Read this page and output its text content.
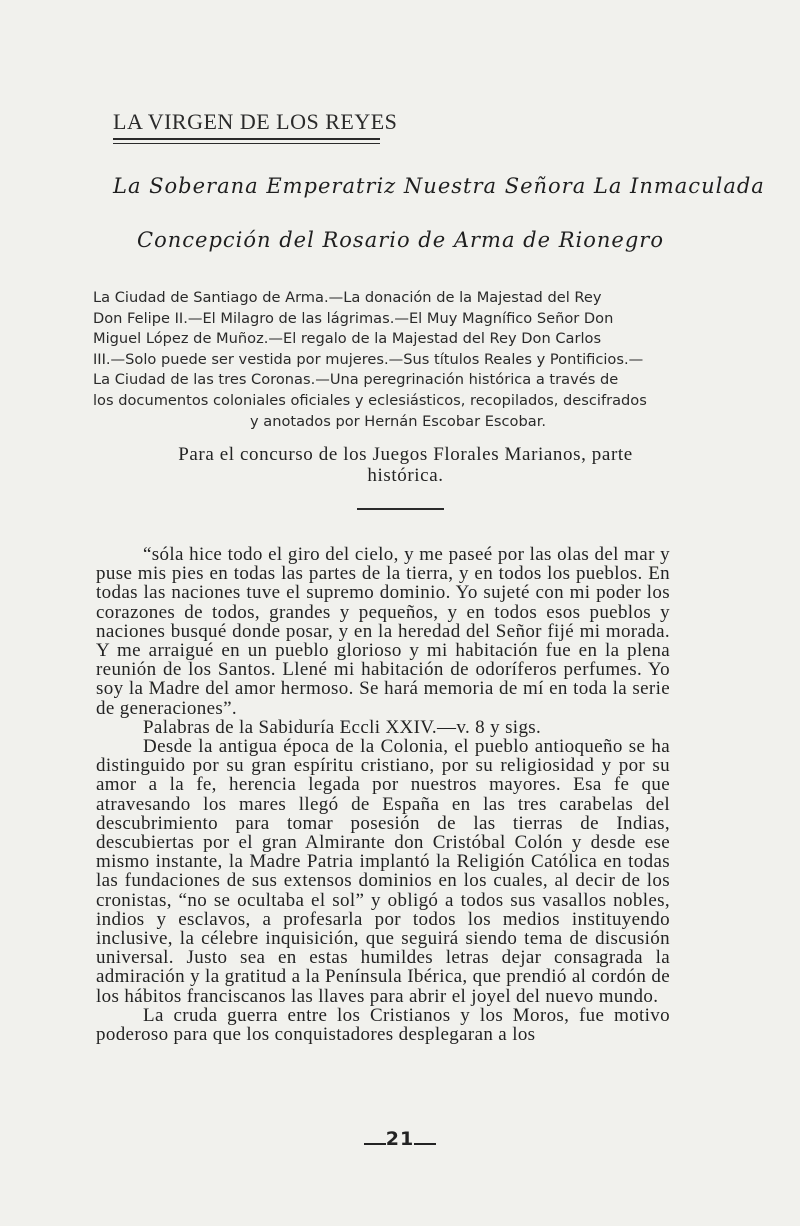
LA VIRGEN DE LOS REYES
La Soberana Emperatriz Nuestra Señora La Inmaculada
Concepción del Rosario de Arma de Rionegro
La Ciudad de Santiago de Arma.—La donación de la Majestad del Rey
Don Felipe II.—El Milagro de las lágrimas.—El Muy Magnífico Señor Don
Miguel López de Muñoz.—El regalo de la Majestad del Rey Don Carlos
III.—Solo puede ser vestida por mujeres.—Sus títulos Reales y Pontificios.—
La Ciudad de las tres Coronas.—Una peregrinación histórica a través de
los documentos coloniales oficiales y eclesiásticos, recopilados, descifrados
y anotados por Hernán Escobar Escobar.
Para el concurso de los Juegos Florales Marianos, parte
histórica.

“sóla hice todo el giro del cielo, y me paseé por las olas del mar y puse mis pies en todas las partes de la tierra, y en todos los pueblos. En todas las naciones tuve el supremo dominio. Yo sujeté con mi poder los corazones de todos, grandes y pequeños, y en todos esos pueblos y naciones busqué donde posar, y en la heredad del Señor fijé mi morada. Y me arraigué en un pueblo glorioso y mi habitación fue en la plena reunión de los Santos. Llené mi habitación de odoríferos perfumes. Yo soy la Madre del amor hermoso. Se hará memoria de mí en toda la serie de generaciones”.

Palabras de la Sabiduría Eccli XXIV.—v. 8 y sigs.

Desde la antigua época de la Colonia, el pueblo antioqueño se ha distinguido por su gran espíritu cristiano, por su religiosidad y por su amor a la fe, herencia legada por nuestros mayores. Esa fe que atravesando los mares llegó de España en las tres carabelas del descubrimiento para tomar posesión de las tierras de Indias, descubiertas por el gran Almirante don Cristóbal Colón y desde ese mismo instante, la Madre Patria implantó la Religión Católica en todas las fundaciones de sus extensos dominios en los cuales, al decir de los cronistas, “no se ocultaba el sol” y obligó a todos sus vasallos nobles, indios y esclavos, a profesarla por todos los medios instituyendo inclusive, la célebre inquisición, que seguirá siendo tema de discusión universal. Justo sea en estas humildes letras dejar consagrada la admiración y la gratitud a la Península Ibérica, que prendió al cordón de los hábitos franciscanos las llaves para abrir el joyel del nuevo mundo.

La cruda guerra entre los Cristianos y los Moros, fue motivo poderoso para que los conquistadores desplegaran a los

21
